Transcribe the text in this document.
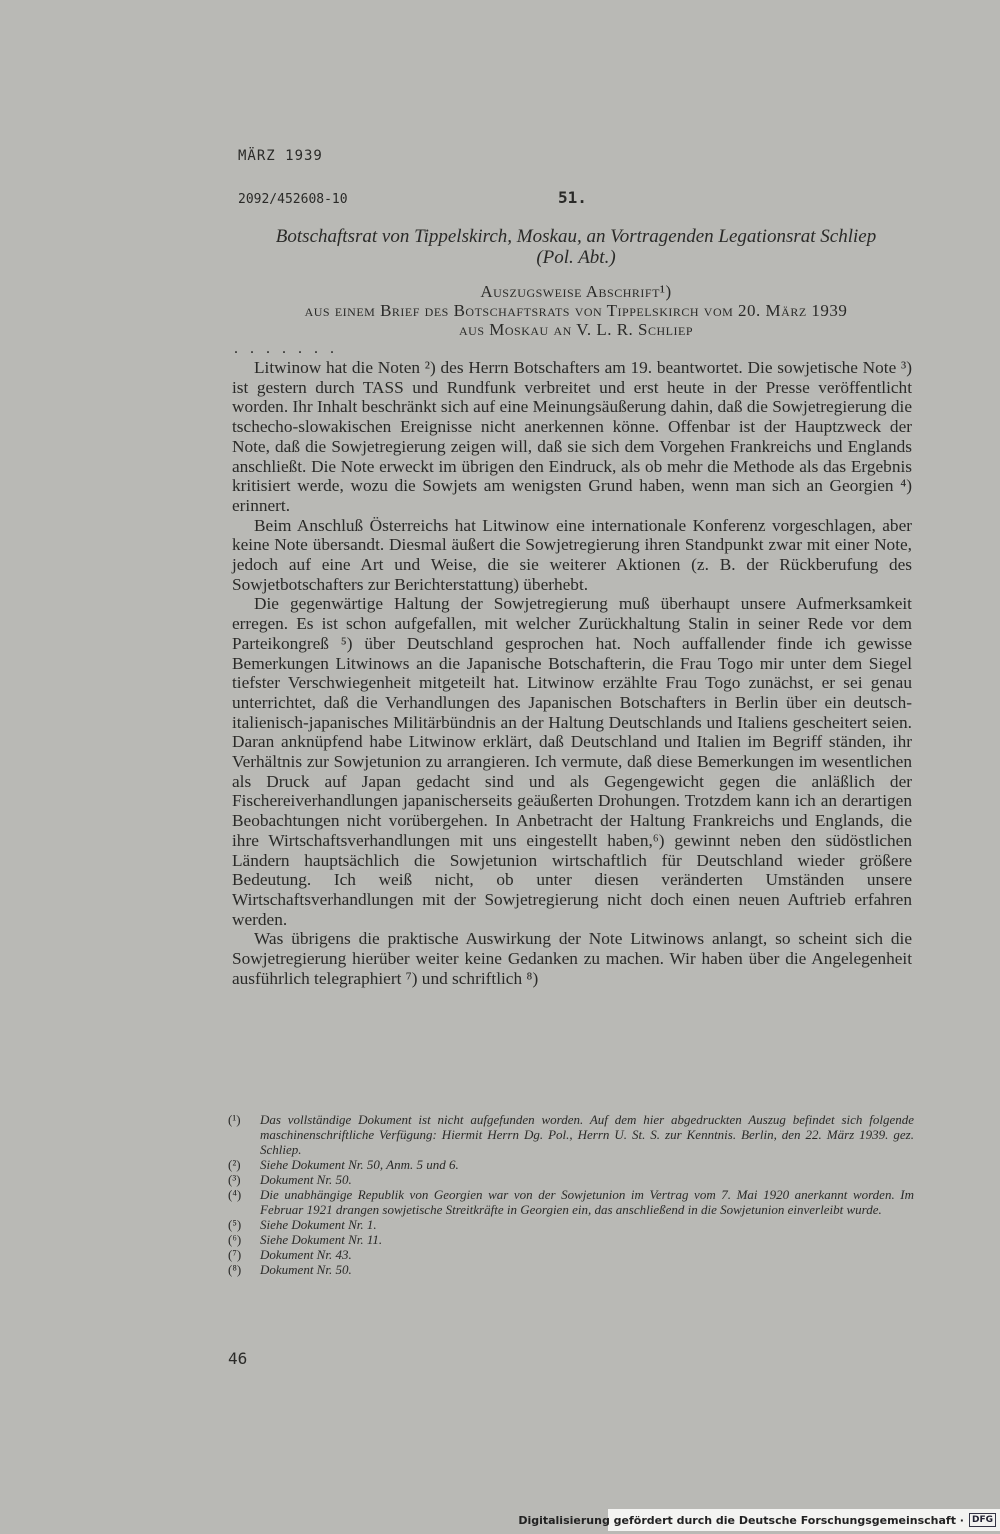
MÄRZ 1939
2092/452608-10	51.
Botschaftsrat von Tippelskirch, Moskau, an Vortragenden Legationsrat Schliep
(Pol. Abt.)
Auszugsweise Abschrift¹)
aus einem Brief des Botschaftsrats von Tippelskirch vom 20. März 1939
aus Moskau an V. L. R. Schliep
. . . . . . .

Litwinow hat die Noten ²) des Herrn Botschafters am 19. beantwortet. Die sowjetische Note ³) ist gestern durch TASS und Rundfunk verbreitet und erst heute in der Presse veröffentlicht worden. Ihr Inhalt beschränkt sich auf eine Meinungsäußerung dahin, daß die Sowjetregierung die tschecho-slowakischen Ereignisse nicht anerkennen könne. Offenbar ist der Hauptzweck der Note, daß die Sowjetregierung zeigen will, daß sie sich dem Vorgehen Frankreichs und Englands anschließt. Die Note erweckt im übrigen den Eindruck, als ob mehr die Methode als das Ergebnis kritisiert werde, wozu die Sowjets am wenigsten Grund haben, wenn man sich an Georgien ⁴) erinnert.

Beim Anschluß Österreichs hat Litwinow eine internationale Konferenz vorgeschlagen, aber keine Note übersandt. Diesmal äußert die Sowjetregierung ihren Standpunkt zwar mit einer Note, jedoch auf eine Art und Weise, die sie weiterer Aktionen (z. B. der Rückberufung des Sowjetbotschafters zur Berichterstattung) überhebt.

Die gegenwärtige Haltung der Sowjetregierung muß überhaupt unsere Aufmerksamkeit erregen. Es ist schon aufgefallen, mit welcher Zurückhaltung Stalin in seiner Rede vor dem Parteikongreß ⁵) über Deutschland gesprochen hat. Noch auffallender finde ich gewisse Bemerkungen Litwinows an die Japanische Botschafterin, die Frau Togo mir unter dem Siegel tiefster Verschwiegenheit mitgeteilt hat. Litwinow erzählte Frau Togo zunächst, er sei genau unterrichtet, daß die Verhandlungen des Japanischen Botschafters in Berlin über ein deutsch-italienisch-japanisches Militärbündnis an der Haltung Deutschlands und Italiens gescheitert seien. Daran anknüpfend habe Litwinow erklärt, daß Deutschland und Italien im Begriff ständen, ihr Verhältnis zur Sowjetunion zu arrangieren. Ich vermute, daß diese Bemerkungen im wesentlichen als Druck auf Japan gedacht sind und als Gegengewicht gegen die anläßlich der Fischereiverhandlungen japanischerseits geäußerten Drohungen. Trotzdem kann ich an derartigen Beobachtungen nicht vorübergehen. In Anbetracht der Haltung Frankreichs und Englands, die ihre Wirtschaftsverhandlungen mit uns eingestellt haben,⁶) gewinnt neben den südöstlichen Ländern hauptsächlich die Sowjetunion wirtschaftlich für Deutschland wieder größere Bedeutung. Ich weiß nicht, ob unter diesen veränderten Umständen unsere Wirtschaftsverhandlungen mit der Sowjetregierung nicht doch einen neuen Auftrieb erfahren werden.

Was übrigens die praktische Auswirkung der Note Litwinows anlangt, so scheint sich die Sowjetregierung hierüber weiter keine Gedanken zu machen. Wir haben über die Angelegenheit ausführlich telegraphiert ⁷) und schriftlich ⁸)

(¹)	Das vollständige Dokument ist nicht aufgefunden worden. Auf dem hier abgedruckten Auszug befindet sich folgende maschinenschriftliche Verfügung: Hiermit Herrn Dg. Pol., Herrn U. St. S. zur Kenntnis. Berlin, den 22. März 1939. gez. Schliep.
(²)	Siehe Dokument Nr. 50, Anm. 5 und 6.
(³)	Dokument Nr. 50.
(⁴)	Die unabhängige Republik von Georgien war von der Sowjetunion im Vertrag vom 7. Mai 1920 anerkannt worden. Im Februar 1921 drangen sowjetische Streitkräfte in Georgien ein, das anschließend in die Sowjetunion einverleibt wurde.
(⁵)	Siehe Dokument Nr. 1.
(⁶)	Siehe Dokument Nr. 11.
(⁷)	Dokument Nr. 43.
(⁸)	Dokument Nr. 50.
46
Digitalisierung gefördert durch die Deutsche Forschungsgemeinschaft · DFG
